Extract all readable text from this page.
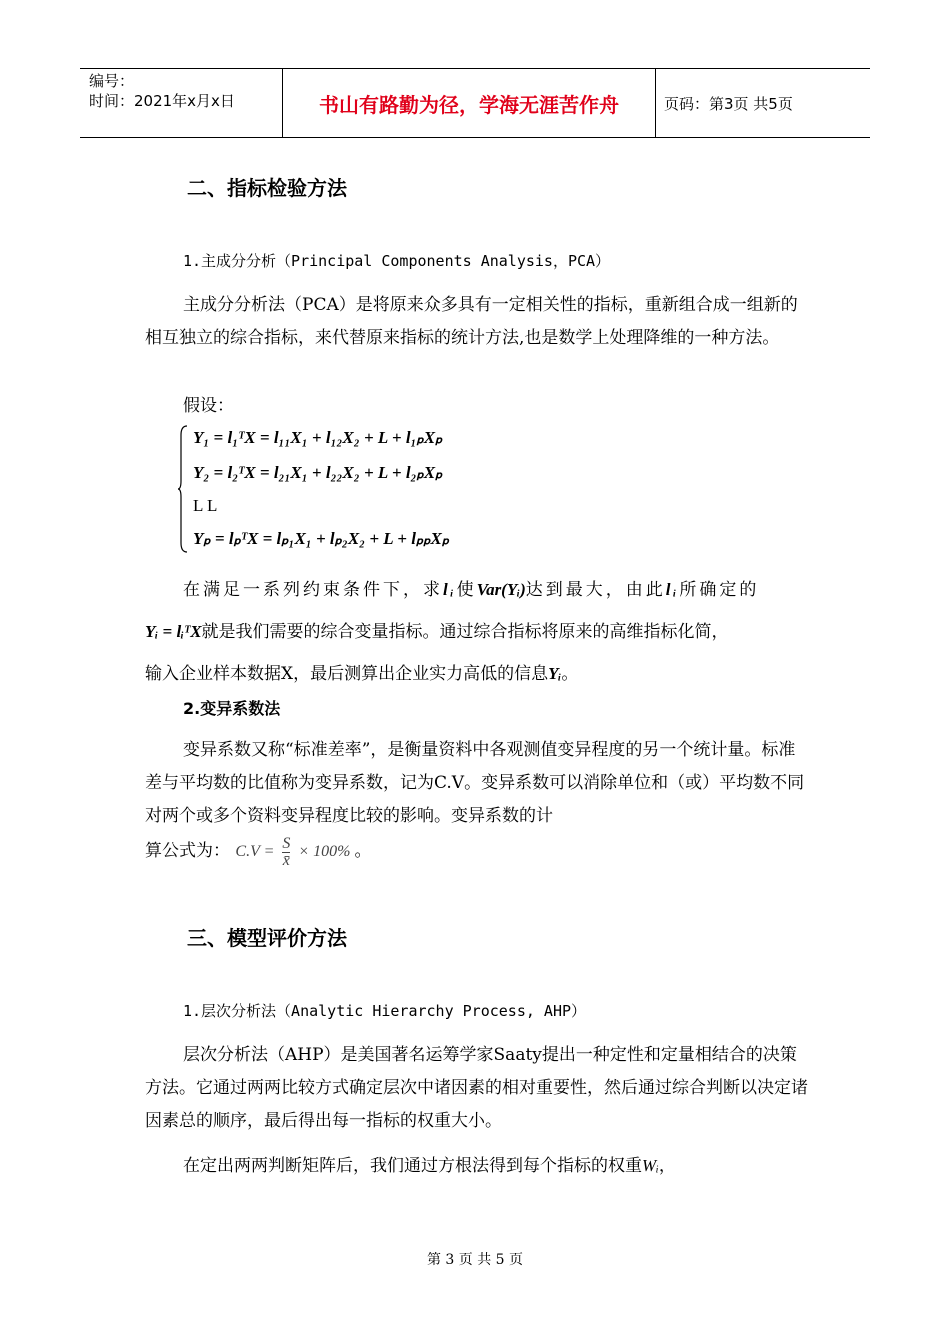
编号：
时间：2021年x月x日	书山有路勤为径，学海无涯苦作舟	页码：第3页 共5页
二、指标检验方法
1.主成分分析（Principal Components Analysis，PCA）
主成分分析法（PCA）是将原来众多具有一定相关性的指标，重新组合成一组新的相互独立的综合指标，来代替原来指标的统计方法,也是数学上处理降维的一种方法。
假设：
Y₁ = l₁ᵀX = l₁₁X₁ + l₁₂X₂ + L + l₁ₚXₚ
Y₂ = l₂ᵀX = l₂₁X₁ + l₂₂X₂ + L + l₂ₚXₚ
L L
Yₚ = lₚᵀX = lₚ₁X₁ + lₚ₂X₂ + L + lₚₚXₚ
在满足一系列约束条件下，求lᵢ使Var(Yᵢ)达到最大，由此lᵢ所确定的
Yᵢ = lᵢᵀX就是我们需要的综合变量指标。通过综合指标将原来的高维指标化简，
输入企业样本数据X，最后测算出企业实力高低的信息Yᵢ。
2.变异系数法
变异系数又称“标准差率”，是衡量资料中各观测值变异程度的另一个统计量。标准差与平均数的比值称为变异系数，记为C.V。变异系数可以消除单位和（或）平均数不同对两个或多个资料变异程度比较的影响。变异系数的计
算公式为： $C.V = \frac{S}{x̄} \times 100\%$ 。
三、模型评价方法
1.层次分析法（Analytic Hierarchy Process, AHP）
层次分析法（AHP）是美国著名运筹学家Saaty提出一种定性和定量相结合的决策方法。它通过两两比较方式确定层次中诸因素的相对重要性，然后通过综合判断以决定诸因素总的顺序，最后得出每一指标的权重大小。
在定出两两判断矩阵后，我们通过方根法得到每个指标的权重Wᵢ，
第 3 页 共 5 页
